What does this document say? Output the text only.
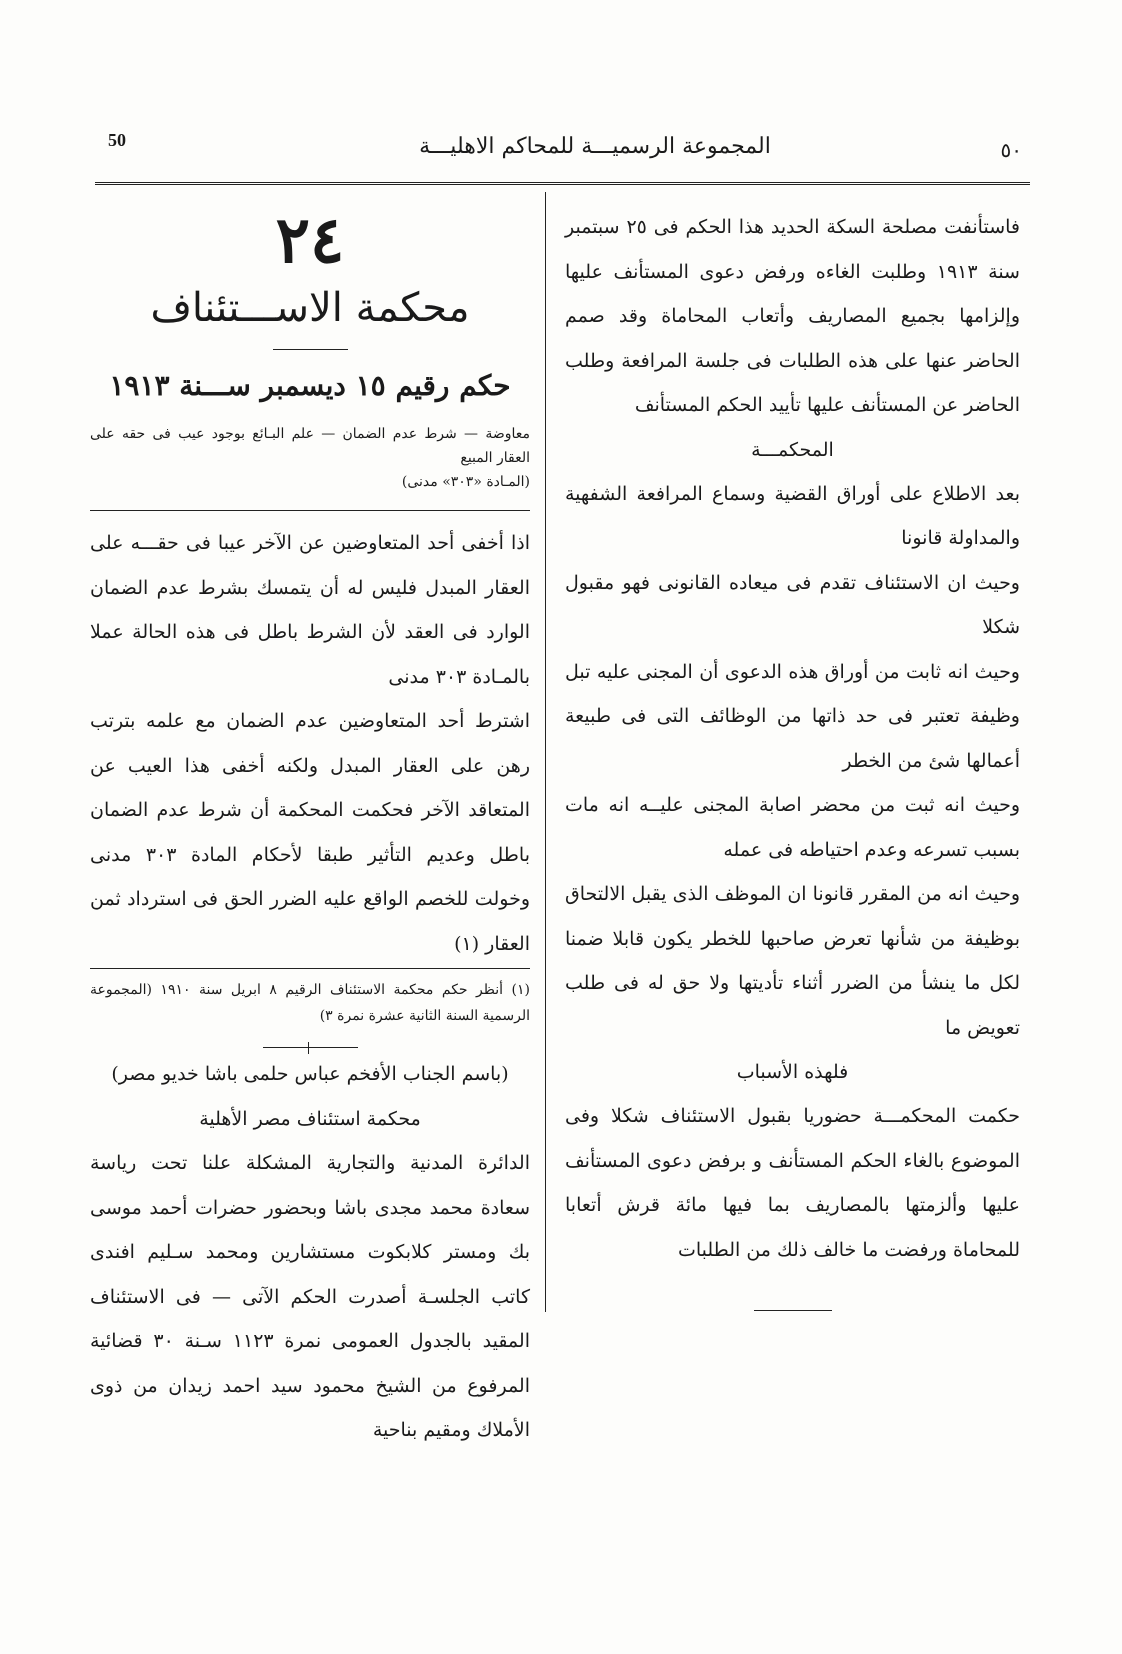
50	المجموعة الرسميـــة للمحاكم الاهليـــة	٥٠

فاستأنفت مصلحة السكة الحديد هذا الحكم فى ٢٥ سبتمبر سنة ١٩١٣ وطلبت الغاءه ورفض دعوى المستأنف عليها وإلزامها بجميع المصاريف وأتعاب المحاماة وقد صمم الحاضر عنها على هذه الطلبات فى جلسة المرافعة وطلب الحاضر عن المستأنف عليها تأييد الحكم المستأنف

المحكمـــة

بعد الاطلاع على أوراق القضية وسماع المرافعة الشفهية والمداولة قانونا

وحيث ان الاستئناف تقدم فى ميعاده القانونى فهو مقبول شكلا

وحيث انه ثابت من أوراق هذه الدعوى أن المجنى عليه تبل وظيفة تعتبر فى حد ذاتها من الوظائف التى فى طبيعة أعمالها شئ من الخطر

وحيث انه ثبت من محضر اصابة المجنى عليــه انه مات بسبب تسرعه وعدم احتياطه فى عمله

وحيث انه من المقرر قانونا ان الموظف الذى يقبل الالتحاق بوظيفة من شأنها تعرض صاحبها للخطر يكون قابلا ضمنا لكل ما ينشأ من الضرر أثناء تأديتها ولا حق له فى طلب تعويض ما

فلهذه الأسباب

حكمت المحكمـــة حضوريا بقبول الاستئناف شكلا وفى الموضوع بالغاء الحكم المستأنف و برفض دعوى المستأنف عليها وألزمتها بالمصاريف بما فيها مائة قرش أتعابا للمحاماة ورفضت ما خالف ذلك من الطلبات

٢٤

محكمة الاســـتئناف

حكم رقيم ١٥ ديسمبر ســـنة ١٩١٣

معاوضة — شرط عدم الضمان — علم البـائع بوجود عيب فى حقه على العقار المبيع

(المـادة «٣٠٣» مدنى)

اذا أخفى أحد المتعاوضين عن الآخر عيبا فى حقـــه على العقار المبدل فليس له أن يتمسك بشرط عدم الضمان الوارد فى العقد لأن الشرط باطل فى هذه الحالة عملا بالمـادة ٣٠٣ مدنى

اشترط أحد المتعاوضين عدم الضمان مع علمه بترتب رهن على العقار المبدل ولكنه أخفى هذا العيب عن المتعاقد الآخر فحكمت المحكمة أن شرط عدم الضمان باطل وعديم التأثير طبقا لأحكام المادة ٣٠٣ مدنى وخولت للخصم الواقع عليه الضرر الحق فى استرداد ثمن العقار (١)

(١) أنظر حكم محكمة الاستئناف الرقيم ٨ ابريل سنة ١٩١٠ (المجموعة الرسمية السنة الثانية عشرة نمرة ٣)

(باسم الجناب الأفخم عباس حلمى باشا خديو مصر)

محكمة استئناف مصر الأهلية

الدائرة المدنية والتجارية المشكلة علنا تحت رياسة سعادة محمد مجدى باشا وبحضور حضرات أحمد موسى بك ومستر كلابكوت مستشارين ومحمد سـليم افندى كاتب الجلسـة أصدرت الحكم الآتى — فى الاستئناف المقيد بالجدول العمومى نمرة ١١٢٣ سـنة ٣٠ قضائية المرفوع من الشيخ محمود سيد احمد زيدان من ذوى الأملاك ومقيم بناحية
